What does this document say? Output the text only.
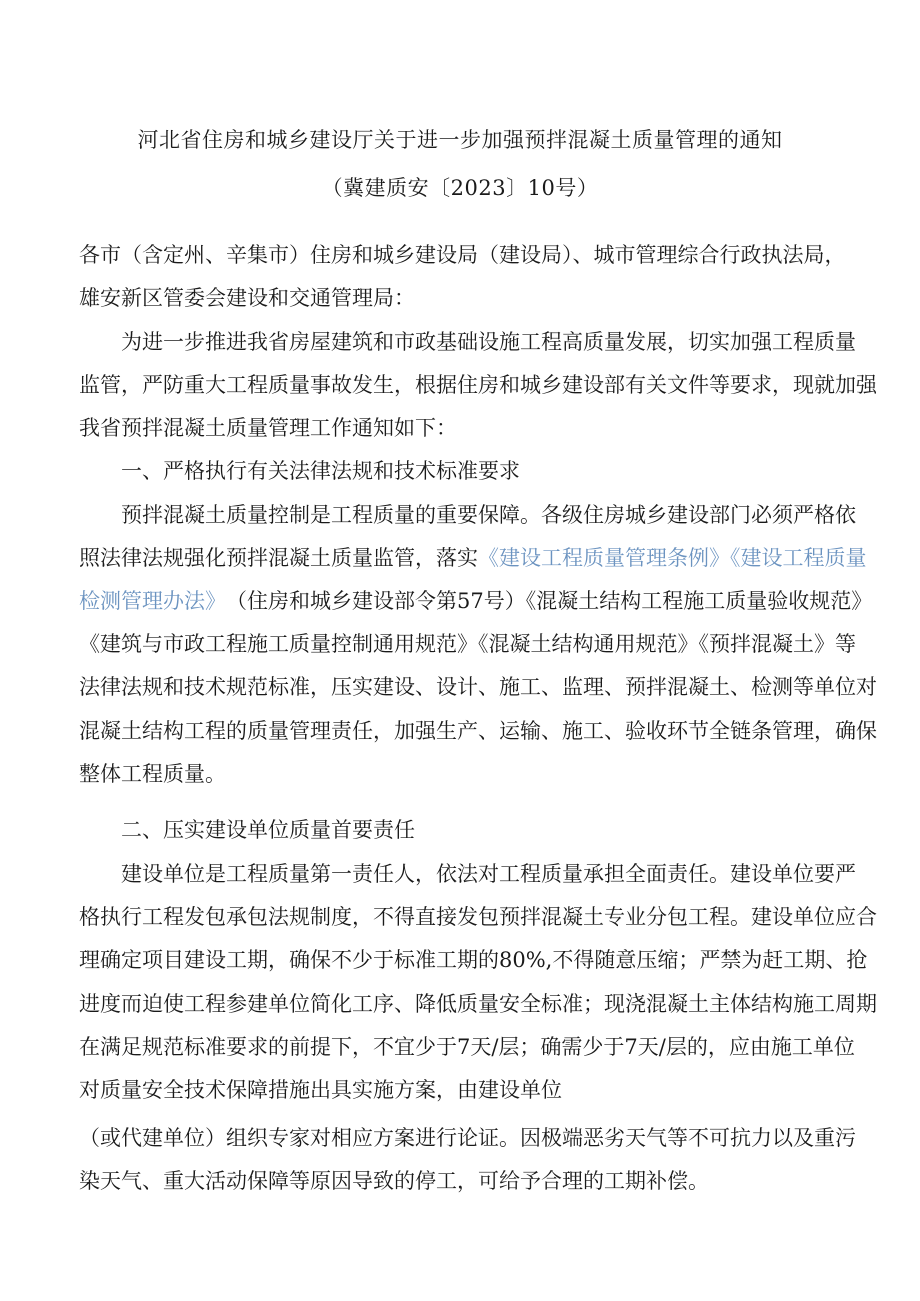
河北省住房和城乡建设厅关于进一步加强预拌混凝土质量管理的通知
（冀建质安〔2023〕10号）
各市（含定州、辛集市）住房和城乡建设局（建设局）、城市管理综合行政执法局，
雄安新区管委会建设和交通管理局：
为进一步推进我省房屋建筑和市政基础设施工程高质量发展，切实加强工程质量
监管，严防重大工程质量事故发生，根据住房和城乡建设部有关文件等要求，现就加强
我省预拌混凝土质量管理工作通知如下：
一、严格执行有关法律法规和技术标准要求
预拌混凝土质量控制是工程质量的重要保障。各级住房城乡建设部门必须严格依
照法律法规强化预拌混凝土质量监管，落实 《建设工程质量管理条例》《建设工程质量
检测管理办法》 （住房和城乡建设部令第57号）《混凝土结构工程施工质量验收规范》
《建筑与市政工程施工质量控制通用规范》《混凝土结构通用规范》《预拌混凝土》等
法律法规和技术规范标准，压实建设、设计、施工、监理、预拌混凝土、检测等单位对
混凝土结构工程的质量管理责任，加强生产、运输、施工、验收环节全链条管理，确保
整体工程质量。
二、压实建设单位质量首要责任
建设单位是工程质量第一责任人，依法对工程质量承担全面责任。建设单位要严
格执行工程发包承包法规制度，不得直接发包预拌混凝土专业分包工程。建设单位应合
理确定项目建设工期，确保不少于标准工期的80%,不得随意压缩；严禁为赶工期、抢
进度而迫使工程参建单位简化工序、降低质量安全标准；现浇混凝土主体结构施工周期
在满足规范标准要求的前提下，不宜少于7天/层；确需少于7天/层的，应由施工单位
对质量安全技术保障措施出具实施方案，由建设单位
（或代建单位）组织专家对相应方案进行论证。因极端恶劣天气等不可抗力以及重污
染天气、重大活动保障等原因导致的停工，可给予合理的工期补偿。
